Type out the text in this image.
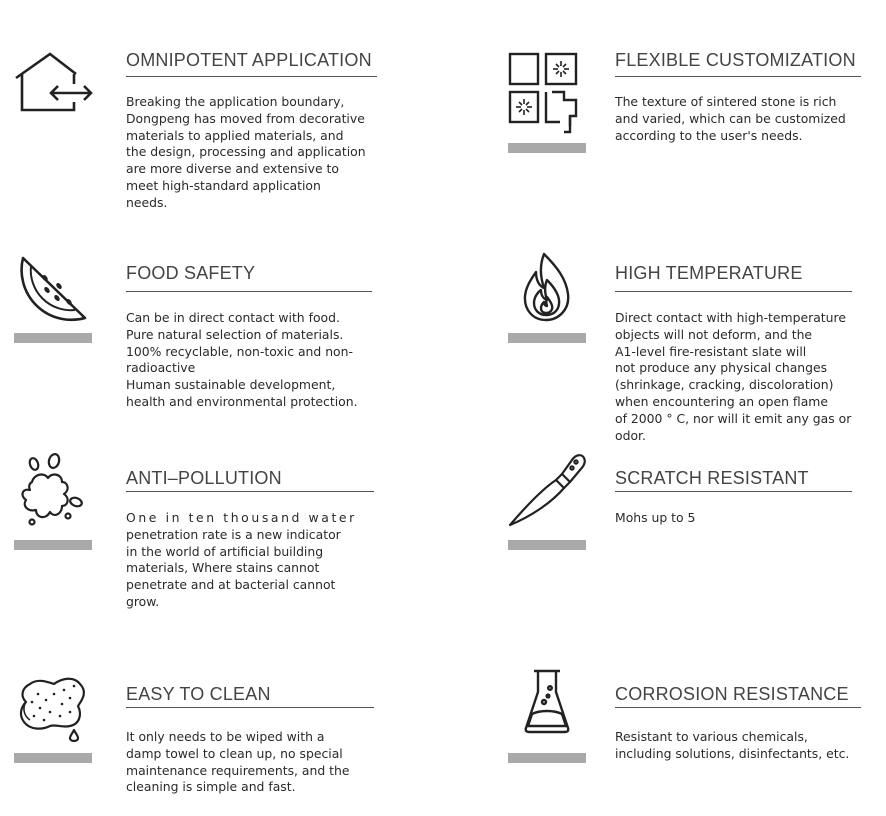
OMNIPOTENT APPLICATION
Breaking the application boundary,
Dongpeng has moved from decorative
materials to applied materials, and
the design, processing and application
are more diverse and extensive to
meet high-standard application
needs.
FLEXIBLE CUSTOMIZATION
The texture of sintered stone is rich
and varied, which can be customized
according to the user's needs.
FOOD SAFETY
Can be in direct contact with food.
Pure natural selection of materials.
100% recyclable, non-toxic and non-
radioactive
Human sustainable development,
health and environmental protection.
HIGH TEMPERATURE
Direct contact with high-temperature
objects will not deform, and the
A1-level fire-resistant slate will
not produce any physical changes
(shrinkage, cracking, discoloration)
when encountering an open flame
of 2000 ° C, nor will it emit any gas or
odor.
ANTI–POLLUTION
One in ten thousand water
penetration rate is a new indicator
in the world of artificial building
materials, Where stains cannot
penetrate and at bacterial cannot
grow.
SCRATCH RESISTANT
Mohs up to 5
EASY TO CLEAN
It only needs to be wiped with a
damp towel to clean up, no special
maintenance requirements, and the
cleaning is simple and fast.
CORROSION RESISTANCE
Resistant to various chemicals,
including solutions, disinfectants, etc.
